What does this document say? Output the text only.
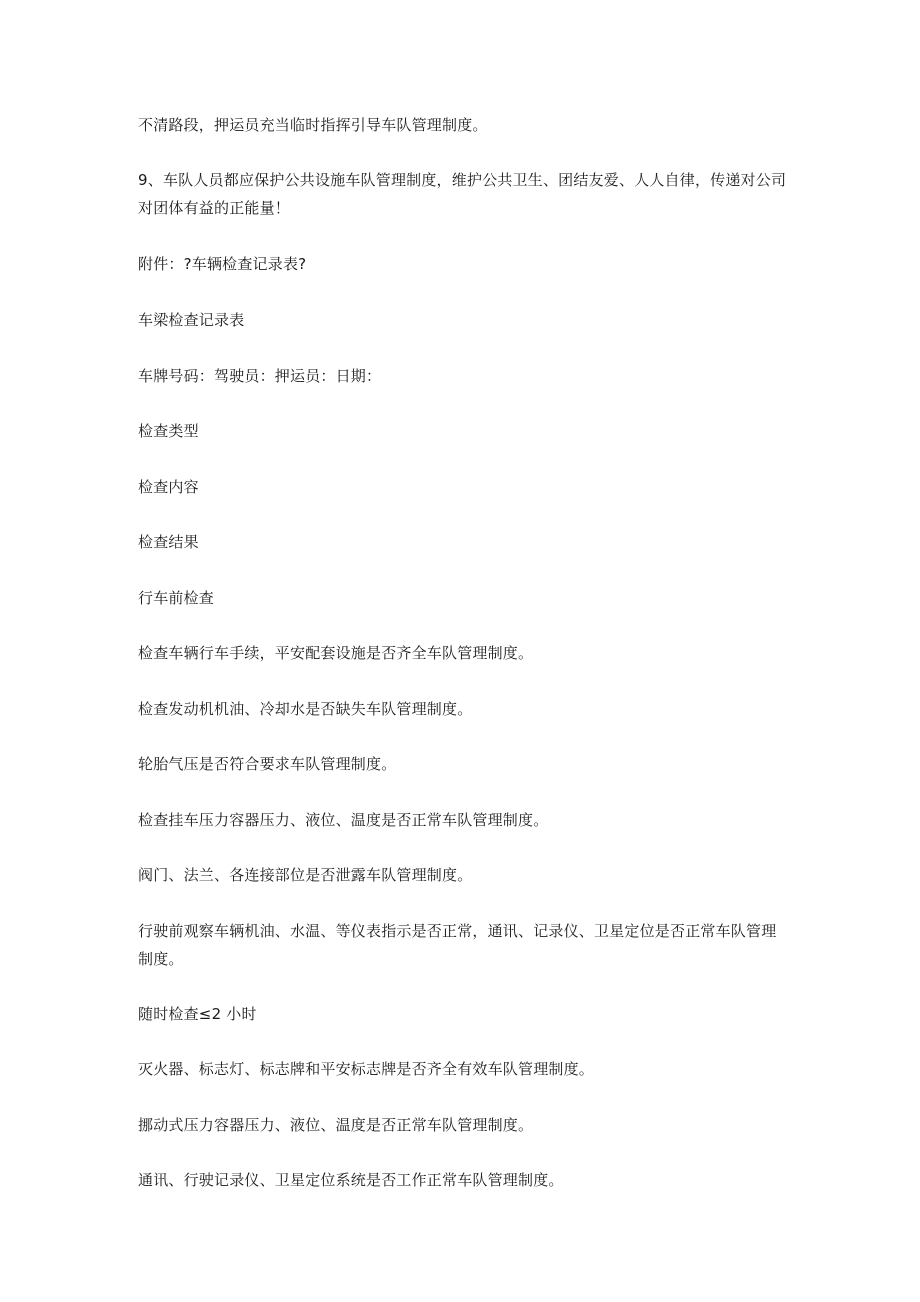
不清路段，押运员充当临时指挥引导车队管理制度。

9、车队人员都应保护公共设施车队管理制度，维护公共卫生、团结友爱、人人自律，传递对公司对团体有益的正能量！

附件：?车辆检查记录表?

车梁检查记录表

车牌号码：驾驶员：押运员：日期：

检查类型

检查内容

检查结果

行车前检查

检查车辆行车手续，平安配套设施是否齐全车队管理制度。

检查发动机机油、冷却水是否缺失车队管理制度。

轮胎气压是否符合要求车队管理制度。

检查挂车压力容器压力、液位、温度是否正常车队管理制度。

阀门、法兰、各连接部位是否泄露车队管理制度。

行驶前观察车辆机油、水温、等仪表指示是否正常，通讯、记录仪、卫星定位是否正常车队管理制度。

随时检查≤2 小时

灭火器、标志灯、标志牌和平安标志牌是否齐全有效车队管理制度。

挪动式压力容器压力、液位、温度是否正常车队管理制度。

通讯、行驶记录仪、卫星定位系统是否工作正常车队管理制度。
